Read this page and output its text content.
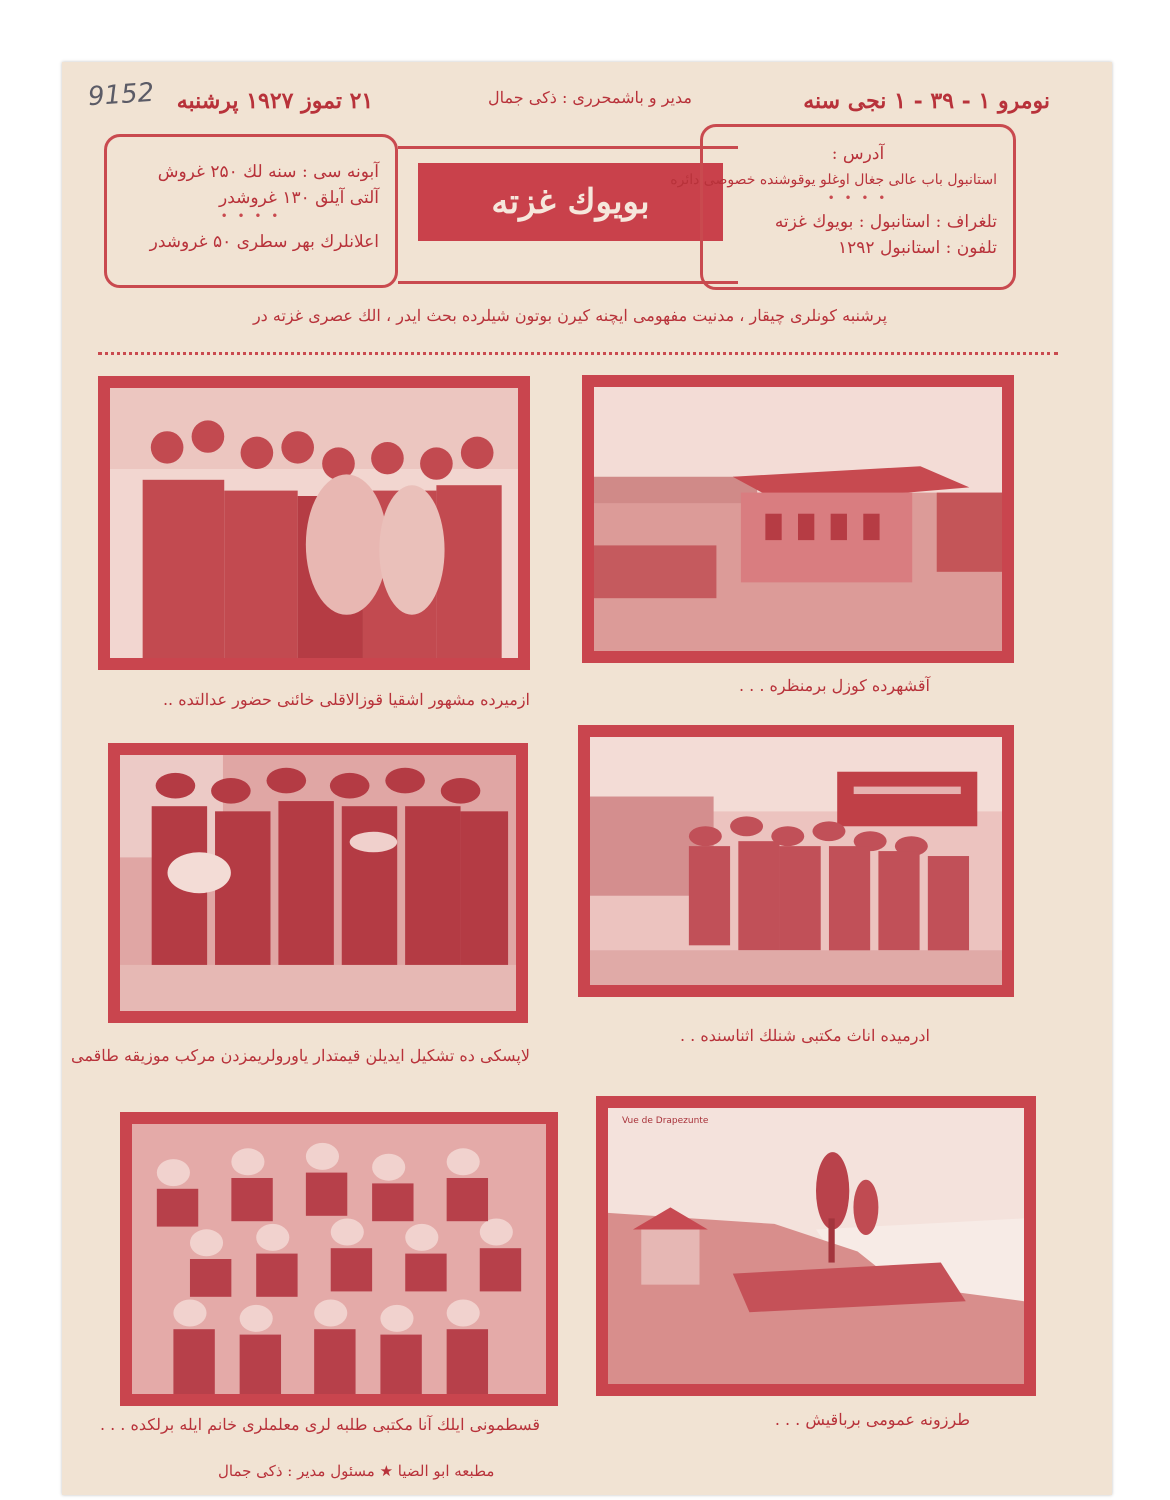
9152	نومرو ۱ - ۳۹ - ۱ نجی سنه
مدیر و باشمحرری : ذکی جمال
۲۱ تموز ۱۹۲۷ پرشنبه
آبونه سی : سنه لك ۲۵۰ غروش
آلتی آیلق ۱۳۰ غروشدر
• • • •
اعلانلرك بهر سطری ۵۰ غروشدر
بویوك غزته
آدرس :
استانبول باب عالی جغال اوغلو یوقوشنده خصوصی دائره
• • • •
تلغراف : استانبول : بویوك غزته
تلفون : استانبول ۱۲۹۲
پرشنبه کونلری چیقار ، مدنیت مفهومی ایچنه کیرن بوتون شیلرده بحث ایدر ، الك عصری غزته در
ازمیرده مشهور اشقیا قوزالاقلی خائنی حضور عدالتده ..
آقشهرده کوزل برمنظره . . .
لاپسکی ده تشکیل ایدیلن قیمتدار یاورولریمزدن مرکب موزیقه طاقمی
ادرمیده اناث مکتبی شنلك اثناسنده . .
قسطمونی ایلك آنا مکتبی طلبه لری معلملری خانم ایله برلکده . . .
Vue de Drapezunte
طرزونه عمومی برباقیش . . .
مطبعه ابو الضیا ★ مسئول مدیر : ذکی جمال
